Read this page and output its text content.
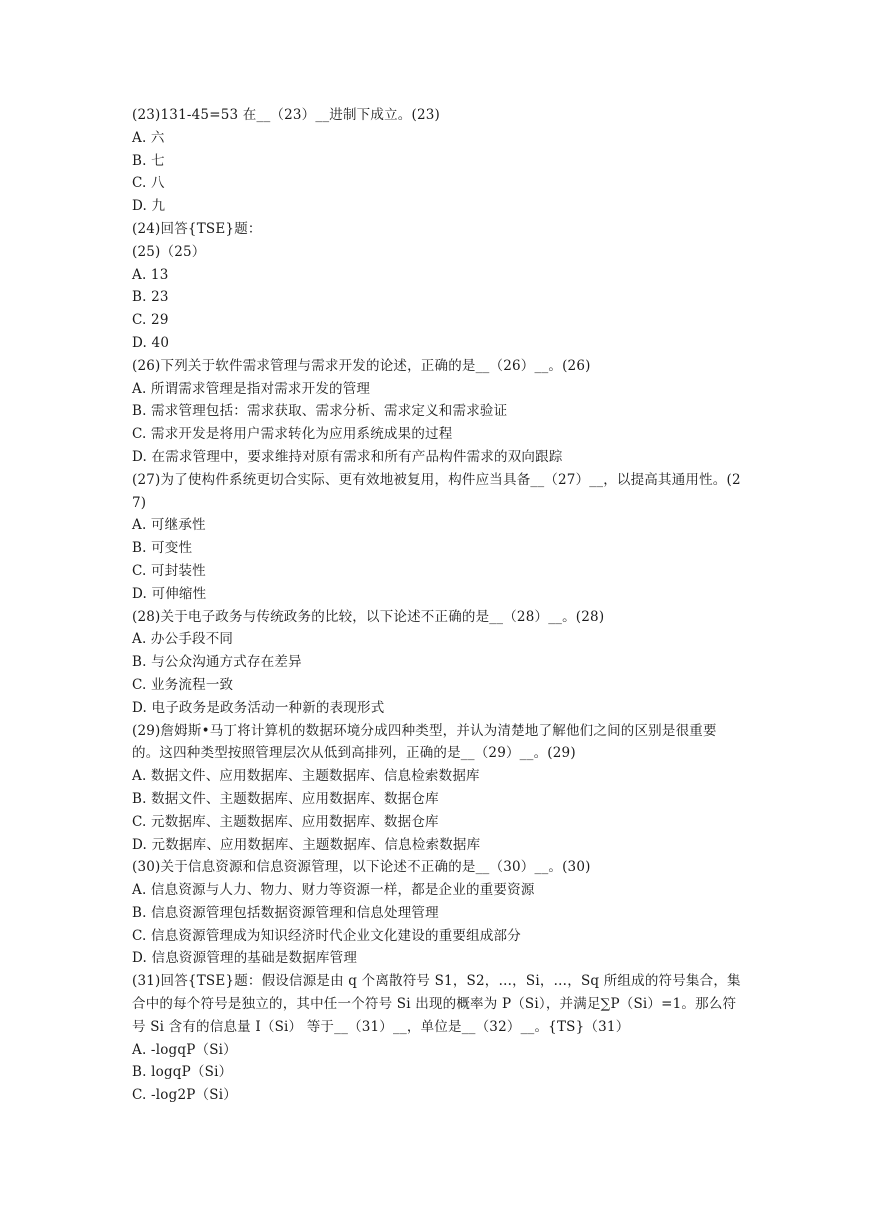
(23)131-45=53 在__（23）__进制下成立。(23)
A. 六
B. 七
C. 八
D. 九
(24)回答{TSE}题：
(25)（25）
A. 13
B. 23
C. 29
D. 40
(26)下列关于软件需求管理与需求开发的论述，正确的是__（26）__。(26)
A. 所谓需求管理是指对需求开发的管理
B. 需求管理包括：需求获取、需求分析、需求定义和需求验证
C. 需求开发是将用户需求转化为应用系统成果的过程
D. 在需求管理中，要求维持对原有需求和所有产品构件需求的双向跟踪
(27)为了使构件系统更切合实际、更有效地被复用，构件应当具备__（27）__，以提高其通用性。(27)
A. 可继承性
B. 可变性
C. 可封装性
D. 可伸缩性
(28)关于电子政务与传统政务的比较，以下论述不正确的是__（28）__。(28)
A. 办公手段不同
B. 与公众沟通方式存在差异
C. 业务流程一致
D. 电子政务是政务活动一种新的表现形式
(29)詹姆斯•马丁将计算机的数据环境分成四种类型，并认为清楚地了解他们之间的区别是很重要的。这四种类型按照管理层次从低到高排列，正确的是__（29）__。(29)
A. 数据文件、应用数据库、主题数据库、信息检索数据库
B. 数据文件、主题数据库、应用数据库、数据仓库
C. 元数据库、主题数据库、应用数据库、数据仓库
D. 元数据库、应用数据库、主题数据库、信息检索数据库
(30)关于信息资源和信息资源管理，以下论述不正确的是__（30）__。(30)
A. 信息资源与人力、物力、财力等资源一样，都是企业的重要资源
B. 信息资源管理包括数据资源管理和信息处理管理
C. 信息资源管理成为知识经济时代企业文化建设的重要组成部分
D. 信息资源管理的基础是数据库管理
(31)回答{TSE}题：假设信源是由 q 个离散符号 S1，S2，…，Si，…，Sq 所组成的符号集合，集合中的每个符号是独立的，其中任一个符号 Si 出现的概率为 P（Si），并满足∑P（Si）=1。那么符号 Si 含有的信息量 I（Si） 等于__（31）__，单位是__（32）__。{TS}（31）
A. -logqP（Si）
B. logqP（Si）
C. -log2P（Si）
